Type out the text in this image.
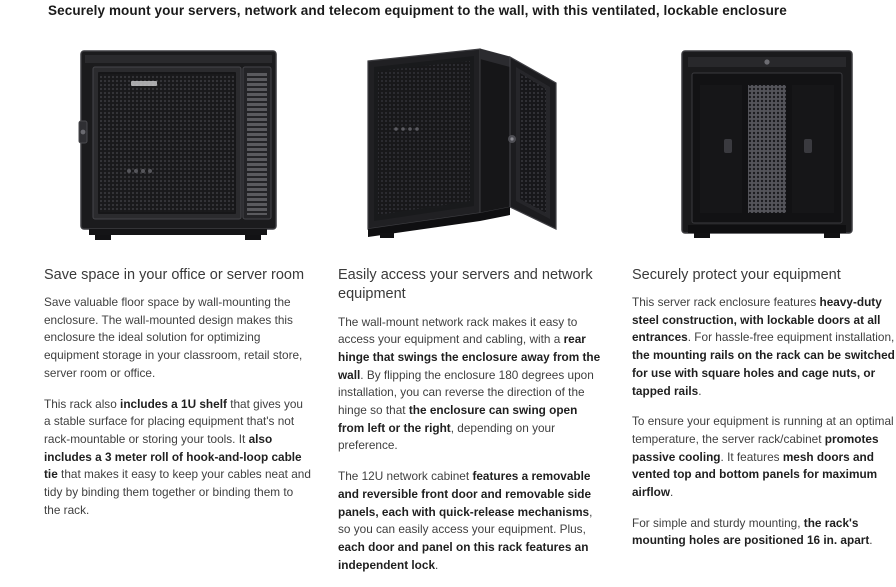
Securely mount your servers, network and telecom equipment to the wall, with this ventilated, lockable enclosure
Save space in your office or server room

Save valuable floor space by wall-mounting the enclosure. The wall-mounted design makes this enclosure the ideal solution for optimizing equipment storage in your classroom, retail store, server room or office.

This rack also includes a 1U shelf that gives you a stable surface for placing equipment that's not rack-mountable or storing your tools. It also includes a 3 meter roll of hook-and-loop cable tie that makes it easy to keep your cables neat and tidy by binding them together or binding them to the rack.

Easily access your servers and network equipment

The wall-mount network rack makes it easy to access your equipment and cabling, with a rear hinge that swings the enclosure away from the wall. By flipping the enclosure 180 degrees upon installation, you can reverse the direction of the hinge so that the enclosure can swing open from left or the right, depending on your preference.

The 12U network cabinet features a removable and reversible front door and removable side panels, each with quick-release mechanisms, so you can easily access your equipment. Plus, each door and panel on this rack features an independent lock.

Securely protect your equipment

This server rack enclosure features heavy-duty steel construction, with lockable doors at all entrances. For hassle-free equipment installation, the mounting rails on the rack can be switched for use with square holes and cage nuts, or tapped rails.

To ensure your equipment is running at an optimal temperature, the server rack/cabinet promotes passive cooling. It features mesh doors and vented top and bottom panels for maximum airflow.

For simple and sturdy mounting, the rack's mounting holes are positioned 16 in. apart.
